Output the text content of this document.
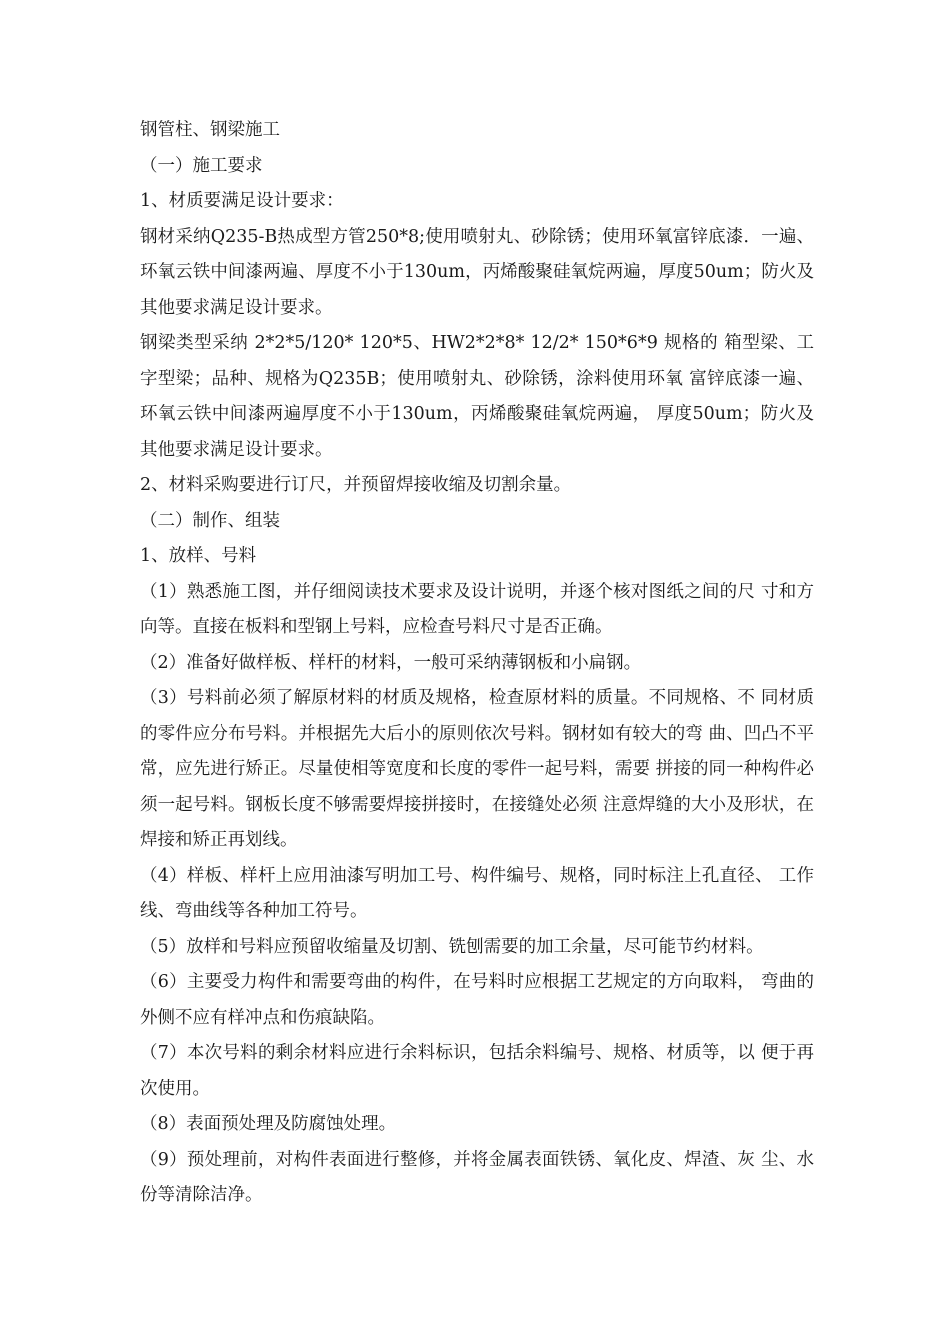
钢管柱、钢梁施工

（一）施工要求

1、材质要满足设计要求：

钢材采纳Q235-B热成型方管250*8;使用喷射丸、砂除锈；使用环氧富锌底漆．一遍、环氧云铁中间漆两遍、厚度不小于130um，丙烯酸聚硅氧烷两遍，厚度50um；防火及其他要求满足设计要求。

钢梁类型采纳 2*2*5/120* 120*5、HW2*2*8* 12/2* 150*6*9 规格的 箱型梁、工字型梁；品种、规格为Q235B；使用喷射丸、砂除锈，涂料使用环氧 富锌底漆一遍、环氧云铁中间漆两遍厚度不小于130um，丙烯酸聚硅氧烷两遍， 厚度50um；防火及其他要求满足设计要求。

2、材料采购要进行订尺，并预留焊接收缩及切割余量。

（二）制作、组装

1、放样、号料

（1）熟悉施工图，并仔细阅读技术要求及设计说明，并逐个核对图纸之间的尺 寸和方向等。直接在板料和型钢上号料，应检查号料尺寸是否正确。

（2）准备好做样板、样杆的材料，一般可采纳薄钢板和小扁钢。

（3）号料前必须了解原材料的材质及规格，检查原材料的质量。不同规格、不 同材质的零件应分布号料。并根据先大后小的原则依次号料。钢材如有较大的弯 曲、凹凸不平常，应先进行矫正。尽量使相等宽度和长度的零件一起号料，需要 拼接的同一种构件必须一起号料。钢板长度不够需要焊接拼接时，在接缝处必须 注意焊缝的大小及形状，在焊接和矫正再划线。

（4）样板、样杆上应用油漆写明加工号、构件编号、规格，同时标注上孔直径、 工作线、弯曲线等各种加工符号。

（5）放样和号料应预留收缩量及切割、铣刨需要的加工余量，尽可能节约材料。

（6）主要受力构件和需要弯曲的构件，在号料时应根据工艺规定的方向取料， 弯曲的外侧不应有样冲点和伤痕缺陷。

（7）本次号料的剩余材料应进行余料标识，包括余料编号、规格、材质等，以 便于再次使用。

（8）表面预处理及防腐蚀处理。

（9）预处理前，对构件表面进行整修，并将金属表面铁锈、氧化皮、焊渣、灰 尘、水份等清除洁净。
